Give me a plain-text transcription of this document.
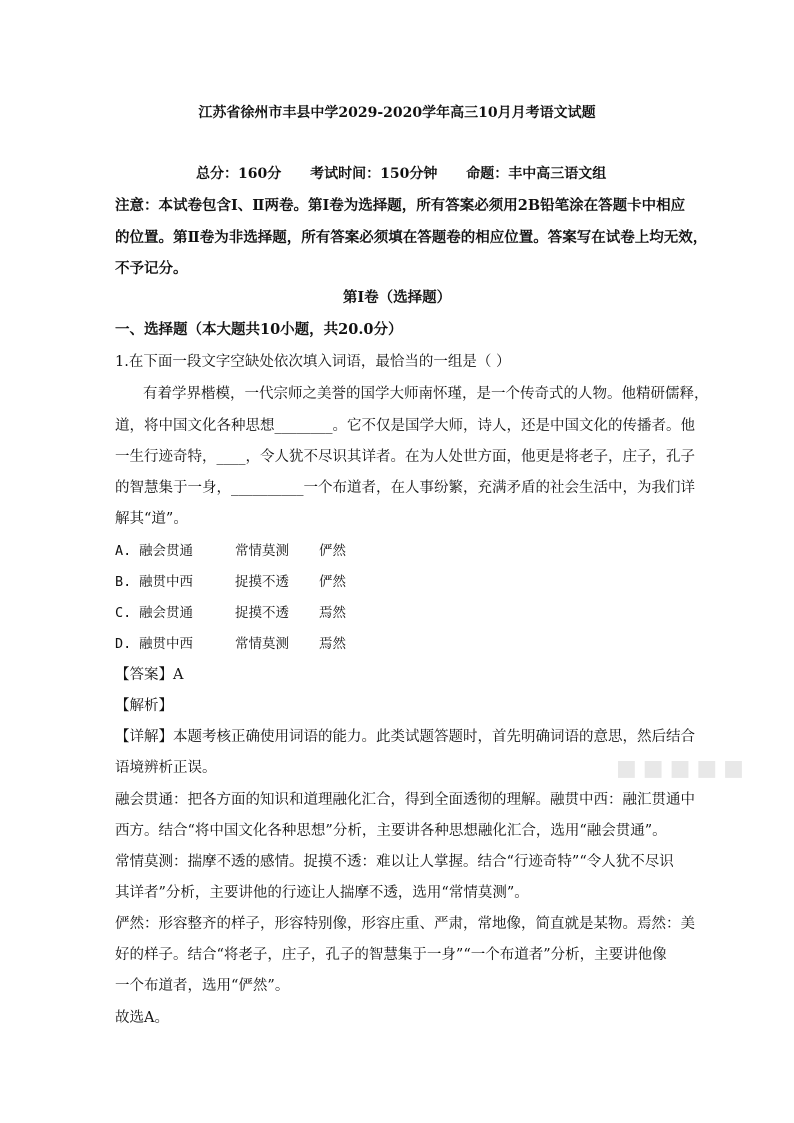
江苏省徐州市丰县中学2029-2020学年高三10月月考语文试题
总分：160分 考试时间：150分钟 命题：丰中高三语文组
注意：本试卷包含Ⅰ、Ⅱ两卷。第Ⅰ卷为选择题，所有答案必须用2B铅笔涂在答题卡中相应
的位置。第Ⅱ卷为非选择题，所有答案必须填在答题卷的相应位置。答案写在试卷上均无效，
不予记分。
第Ⅰ卷（选择题）
一、选择题（本大题共10小题，共20.0分）
1.在下面一段文字空缺处依次填入词语，最恰当的一组是（ ）
有着学界楷模，一代宗师之美誉的国学大师南怀瑾，是一个传奇式的人物。他精研儒释，
道，将中国文化各种思想________。它不仅是国学大师，诗人，还是中国文化的传播者。他
一生行迹奇特，____，令人犹不尽识其详者。在为人处世方面，他更是将老子，庄子，孔子
的智慧集于一身，__________一个布道者，在人事纷繁，充满矛盾的社会生活中，为我们详
解其“道”。
A. 融会贯通	常情莫测 俨然
B. 融贯中西	捉摸不透 俨然
C. 融会贯通	捉摸不透 焉然
D. 融贯中西	常情莫测 焉然
【答案】A
【解析】
【详解】本题考核正确使用词语的能力。此类试题答题时，首先明确词语的意思，然后结合
语境辨析正误。
融会贯通：把各方面的知识和道理融化汇合，得到全面透彻的理解。融贯中西：融汇贯通中
西方。结合“将中国文化各种思想”分析，主要讲各种思想融化汇合，选用“融会贯通”。
常情莫测：揣摩不透的感情。捉摸不透：难以让人掌握。结合“行迹奇特”“令人犹不尽识
其详者”分析，主要讲他的行迹让人揣摩不透，选用“常情莫测”。
俨然：形容整齐的样子，形容特别像，形容庄重、严肃，常地像，简直就是某物。焉然：美
好的样子。结合“将老子，庄子，孔子的智慧集于一身”“一个布道者”分析，主要讲他像
一个布道者，选用“俨然”。
故选A。
■■■■■
